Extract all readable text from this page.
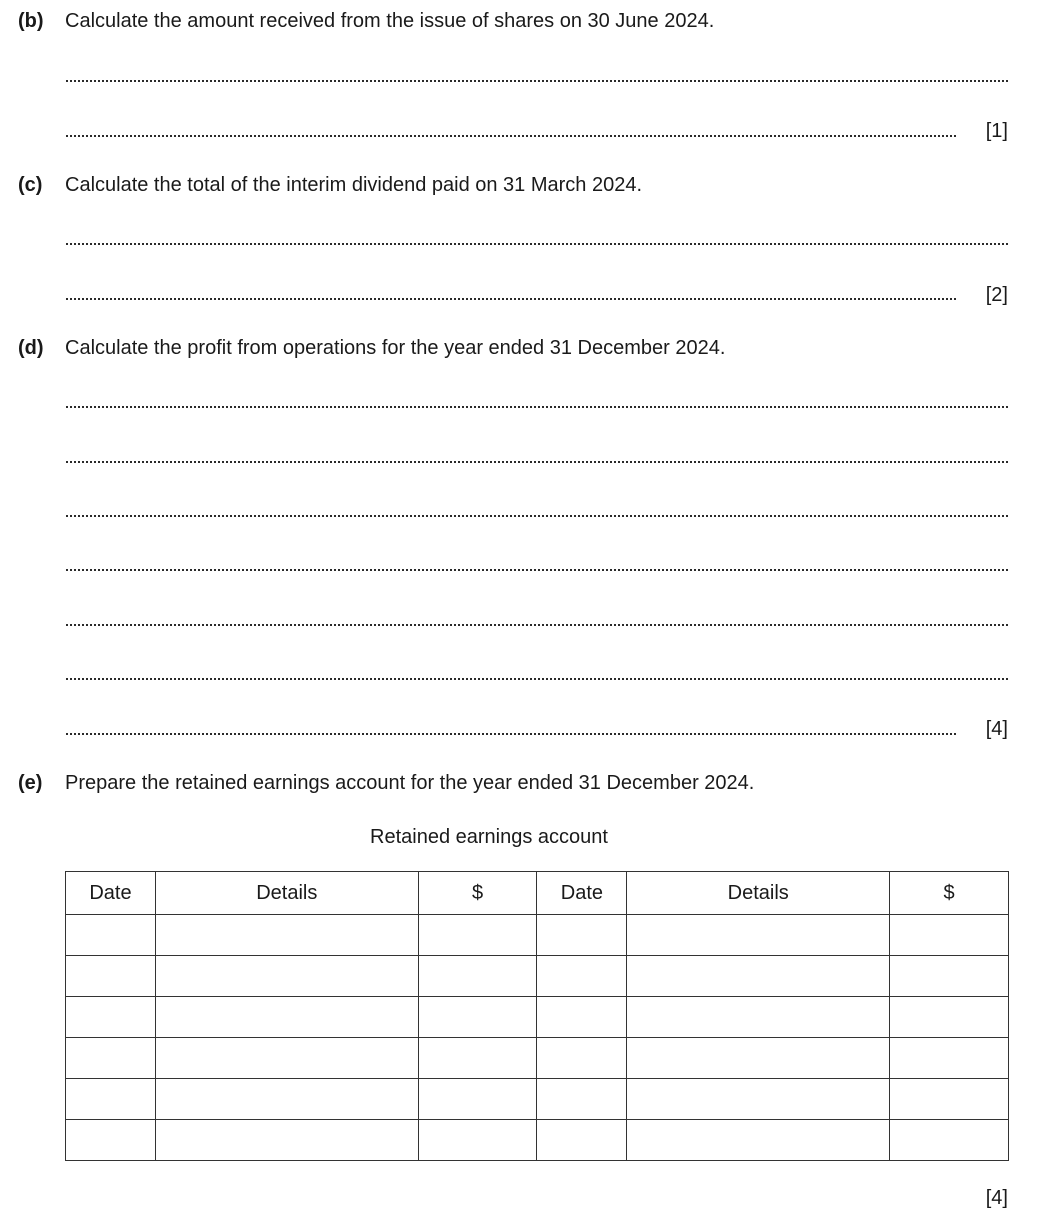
(b) Calculate the amount received from the issue of shares on 30 June 2024.
[1]
(c) Calculate the total of the interim dividend paid on 31 March 2024.
[2]
(d) Calculate the profit from operations for the year ended 31 December 2024.
[4]
(e) Prepare the retained earnings account for the year ended 31 December 2024.
Retained earnings account
Date	Details	$	Date	Details	$

[4]
